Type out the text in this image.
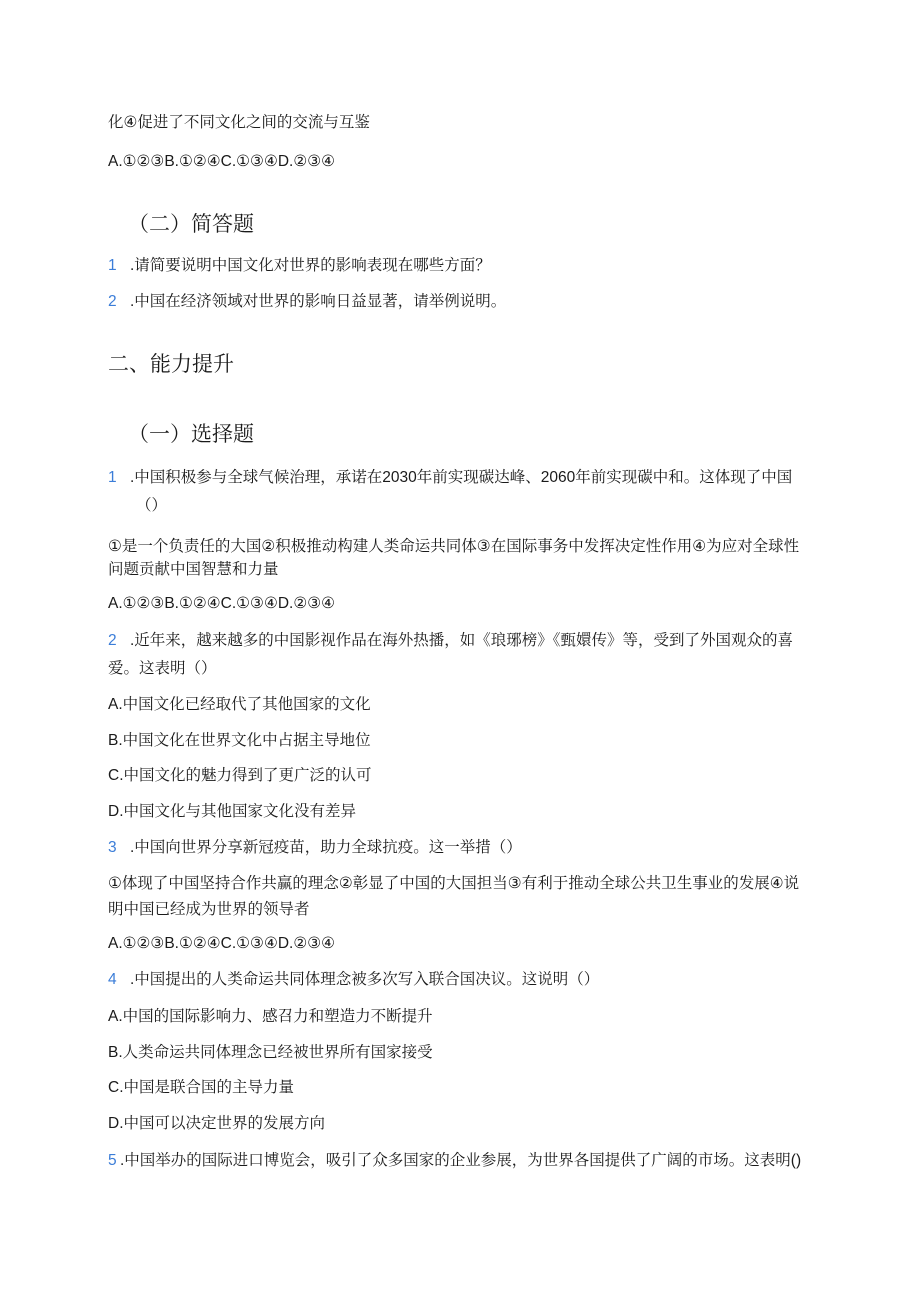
化④促进了不同文化之间的交流与互鉴
A.①②③B.①②④C.①③④D.②③④
（二）简答题
1 .请简要说明中国文化对世界的影响表现在哪些方面？
2 .中国在经济领域对世界的影响日益显著，请举例说明。
二、能力提升
（一）选择题
1 .中国积极参与全球气候治理，承诺在2030年前实现碳达峰、2060年前实现碳中和。这体现了中国
（）
①是一个负责任的大国②积极推动构建人类命运共同体③在国际事务中发挥决定性作用④为应对全球性
问题贡献中国智慧和力量
A.①②③B.①②④C.①③④D.②③④
2 .近年来，越来越多的中国影视作品在海外热播，如《琅琊榜》《甄嬛传》等，受到了外国观众的喜
爱。这表明（）
A.中国文化已经取代了其他国家的文化
B.中国文化在世界文化中占据主导地位
C.中国文化的魅力得到了更广泛的认可
D.中国文化与其他国家文化没有差异
3 .中国向世界分享新冠疫苗，助力全球抗疫。这一举措（）
①体现了中国坚持合作共赢的理念②彰显了中国的大国担当③有利于推动全球公共卫生事业的发展④说
明中国已经成为世界的领导者
A.①②③B.①②④C.①③④D.②③④
4 .中国提出的人类命运共同体理念被多次写入联合国决议。这说明（）
A.中国的国际影响力、感召力和塑造力不断提升
B.人类命运共同体理念已经被世界所有国家接受
C.中国是联合国的主导力量
D.中国可以决定世界的发展方向
5 .中国举办的国际进口博览会，吸引了众多国家的企业参展，为世界各国提供了广阔的市场。这表明()
